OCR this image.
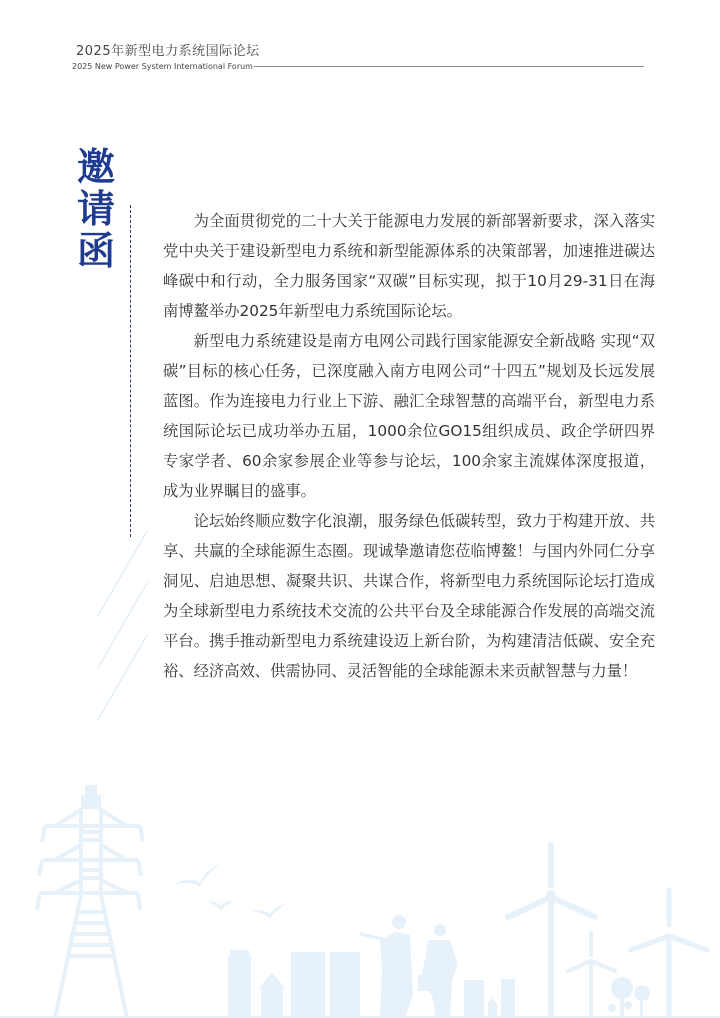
2025年新型电力系统国际论坛
2025 New Power System International Forum
邀
请
函

为全面贯彻党的二十大关于能源电力发展的新部署新要求，深入落实党中央关于建设新型电力系统和新型能源体系的决策部署，加速推进碳达峰碳中和行动，全力服务国家“双碳”目标实现，拟于10月29-31日在海南博鳌举办2025年新型电力系统国际论坛。

新型电力系统建设是南方电网公司践行国家能源安全新战略 实现“双碳”目标的核心任务，已深度融入南方电网公司“十四五”规划及长远发展蓝图。作为连接电力行业上下游、融汇全球智慧的高端平台，新型电力系统国际论坛已成功举办五届，1000余位GO15组织成员、政企学研四界专家学者、60余家参展企业等参与论坛，100余家主流媒体深度报道，成为业界瞩目的盛事。

论坛始终顺应数字化浪潮，服务绿色低碳转型，致力于构建开放、共享、共赢的全球能源生态圈。现诚挚邀请您莅临博鳌！与国内外同仁分享洞见、启迪思想、凝聚共识、共谋合作，将新型电力系统国际论坛打造成为全球新型电力系统技术交流的公共平台及全球能源合作发展的高端交流平台。携手推动新型电力系统建设迈上新台阶，为构建清洁低碳、安全充裕、经济高效、供需协同、灵活智能的全球能源未来贡献智慧与力量！
